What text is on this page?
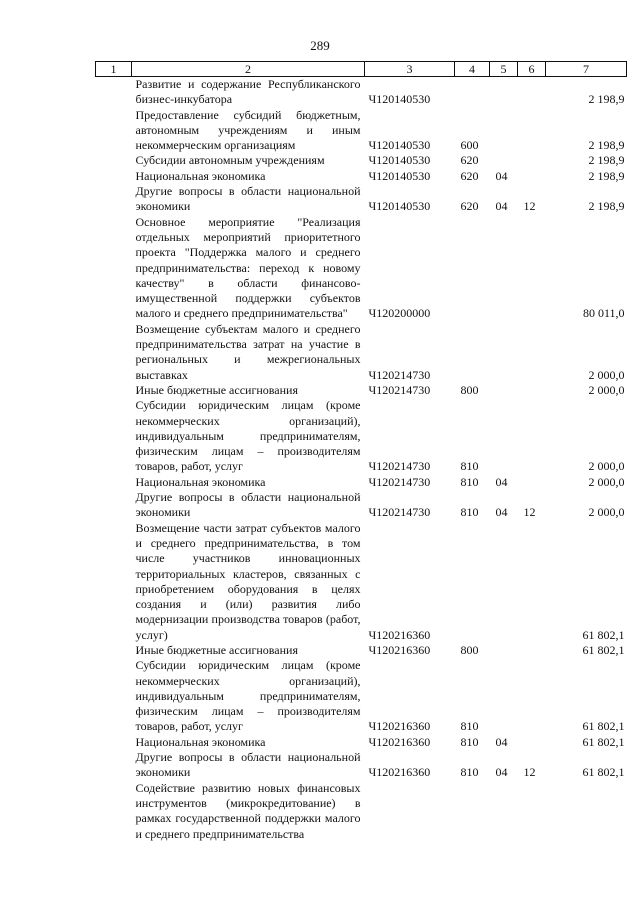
289
1	2	3	4	5	6	7
	Развитие и содержание Республиканского бизнес-инкубатора	Ч120140530				2 198,9
	Предоставление субсидий бюджетным, автономным учреждениям и иным некоммерческим организациям	Ч120140530	600			2 198,9
	Субсидии автономным учреждениям	Ч120140530	620			2 198,9
	Национальная экономика	Ч120140530	620	04		2 198,9
	Другие вопросы в области национальной экономики	Ч120140530	620	04	12	2 198,9
	Основное мероприятие "Реализация отдельных мероприятий приоритетного проекта "Поддержка малого и среднего предпринимательства: переход к новому качеству" в области финансово-имущественной поддержки субъектов малого и среднего предпринимательства"	Ч120200000				80 011,0
	Возмещение субъектам малого и среднего предпринимательства затрат на участие в региональных и межрегиональных выставках	Ч120214730				2 000,0
	Иные бюджетные ассигнования	Ч120214730	800			2 000,0
	Субсидии юридическим лицам (кроме некоммерческих организаций), индивидуальным предпринимателям, физическим лицам – производителям товаров, работ, услуг	Ч120214730	810			2 000,0
	Национальная экономика	Ч120214730	810	04		2 000,0
	Другие вопросы в области национальной экономики	Ч120214730	810	04	12	2 000,0
	Возмещение части затрат субъектов малого и среднего предпринимательства, в том числе участников инновационных территориальных кластеров, связанных с приобретением оборудования в целях создания и (или) развития либо модернизации производства товаров (работ, услуг)	Ч120216360				61 802,1
	Иные бюджетные ассигнования	Ч120216360	800			61 802,1
	Субсидии юридическим лицам (кроме некоммерческих организаций), индивидуальным предпринимателям, физическим лицам – производителям товаров, работ, услуг	Ч120216360	810			61 802,1
	Национальная экономика	Ч120216360	810	04		61 802,1
	Другие вопросы в области национальной экономики	Ч120216360	810	04	12	61 802,1
	Содействие развитию новых финансовых инструментов (микрокредитование) в рамках государственной поддержки малого и среднего предпринимательства					
